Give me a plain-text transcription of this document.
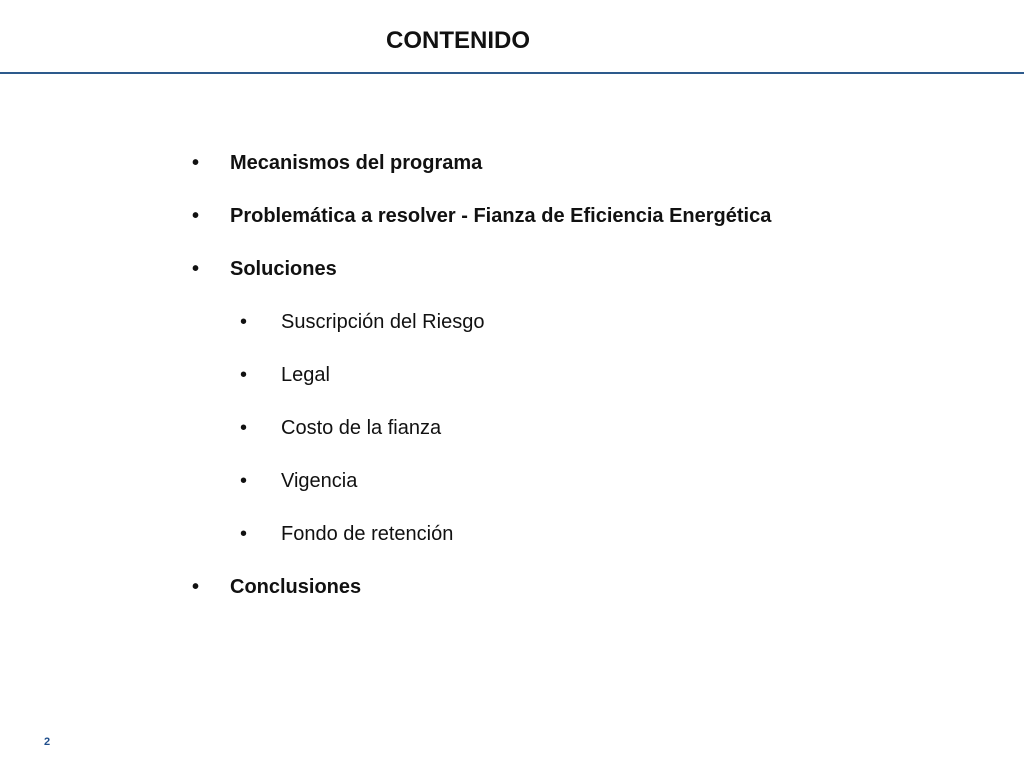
CONTENIDO
• Mecanismos del programa
• Problemática a resolver - Fianza de Eficiencia Energética
• Soluciones
• Suscripción del Riesgo
• Legal
• Costo de la fianza
• Vigencia
• Fondo de retención
• Conclusiones
2
